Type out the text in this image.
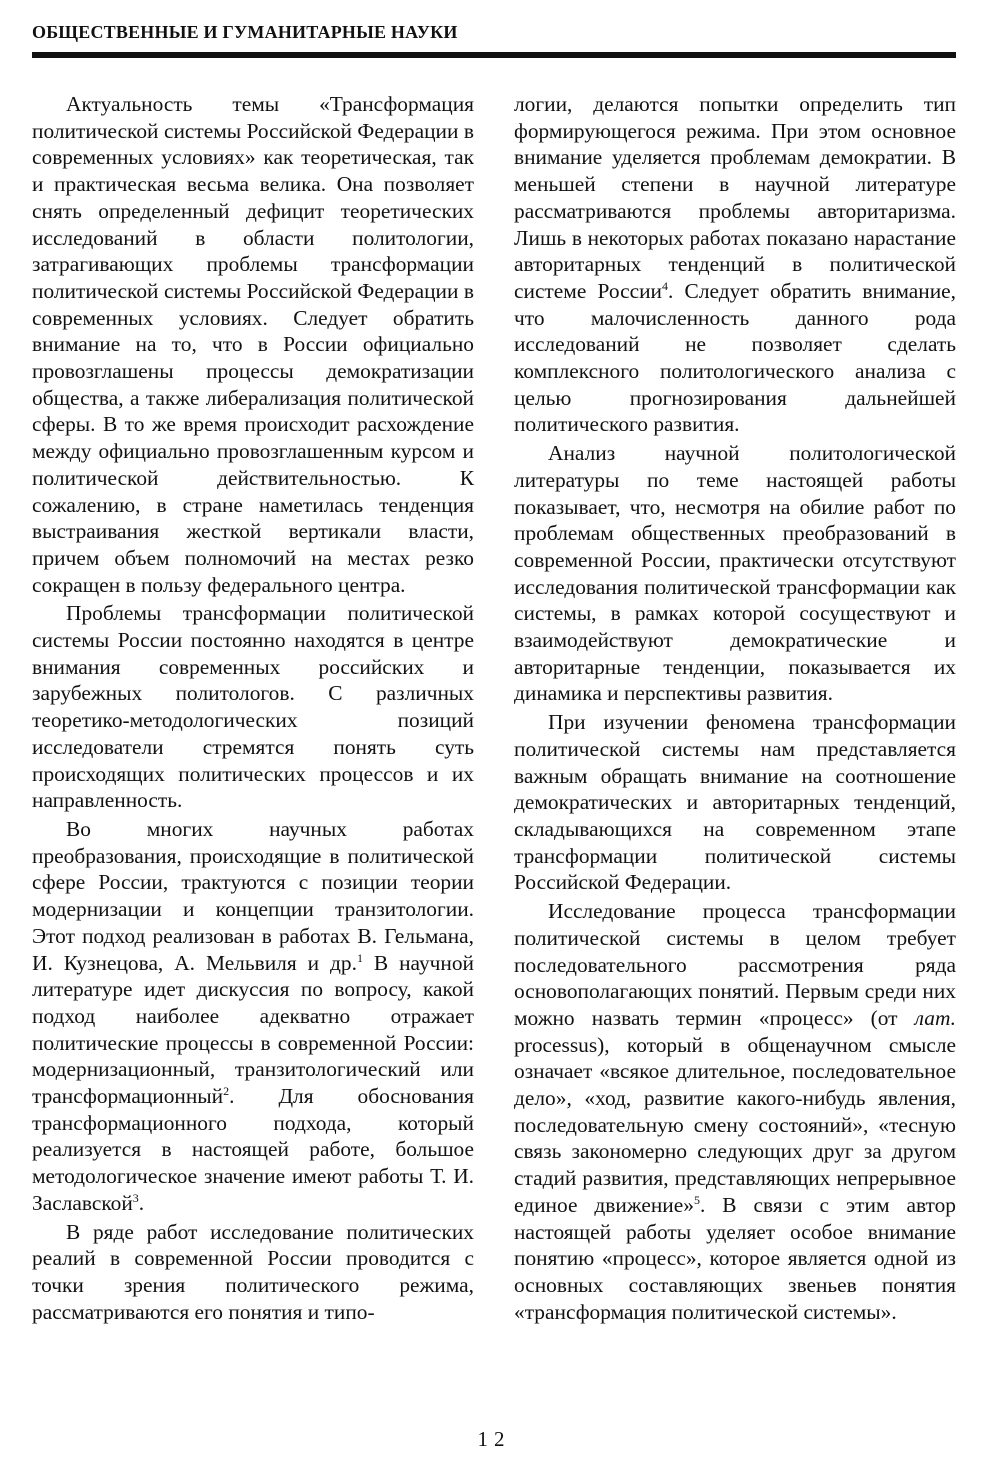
ОБЩЕСТВЕННЫЕ И ГУМАНИТАРНЫЕ НАУКИ

Актуальность темы «Трансформация политической системы Российской Федерации в современных условиях» как теоретическая, так и практическая весьма велика. Она позволяет снять определенный дефицит теоретических исследований в области политологии, затрагивающих проблемы трансформации политической системы Российской Федерации в современных условиях. Следует обратить внимание на то, что в России официально провозглашены процессы демократизации общества, а также либерализация политической сферы. В то же время происходит расхождение между официально провозглашенным курсом и политической действительностью. К сожалению, в стране наметилась тенденция выстраивания жесткой вертикали власти, причем объем полномочий на местах резко сокращен в пользу федерального центра.

Проблемы трансформации политической системы России постоянно находятся в центре внимания современных российских и зарубежных политологов. С различных теоретико-методологических позиций исследователи стремятся понять суть происходящих политических процессов и их направленность.

Во многих научных работах преобразования, происходящие в политической сфере России, трактуются с позиции теории модернизации и концепции транзитологии. Этот подход реализован в работах В. Гельмана, И. Кузнецова, А. Мельвиля и др.$^1$ В научной литературе идет дискуссия по вопросу, какой подход наиболее адекватно отражает политические процессы в современной России: модернизационный, транзитологический или трансформационный$^2$. Для обоснования трансформационного подхода, который реализуется в настоящей работе, большое методологическое значение имеют работы Т. И. Заславской$^3$.

В ряде работ исследование политических реалий в современной России проводится с точки зрения политического режима, рассматриваются его понятия и типо-

логии, делаются попытки определить тип формирующегося режима. При этом основное внимание уделяется проблемам демократии. В меньшей степени в научной литературе рассматриваются проблемы авторитаризма. Лишь в некоторых работах показано нарастание авторитарных тенденций в политической системе России$^4$. Следует обратить внимание, что малочисленность данного рода исследований не позволяет сделать комплексного политологического анализа с целью прогнозирования дальнейшей политического развития.

Анализ научной политологической литературы по теме настоящей работы показывает, что, несмотря на обилие работ по проблемам общественных преобразований в современной России, практически отсутствуют исследования политической трансформации как системы, в рамках которой сосуществуют и взаимодействуют демократические и авторитарные тенденции, показывается их динамика и перспективы развития.

При изучении феномена трансформации политической системы нам представляется важным обращать внимание на соотношение демократических и авторитарных тенденций, складывающихся на современном этапе трансформации политической системы Российской Федерации.

Исследование процесса трансформации политической системы в целом требует последовательного рассмотрения ряда основополагающих понятий. Первым среди них можно назвать термин «процесс» (от лат. processus), который в общенаучном смысле означает «всякое длительное, последовательное дело», «ход, развитие какого-нибудь явления, последовательную смену состояний», «тесную связь закономерно следующих друг за другом стадий развития, представляющих непрерывное единое движение»$^5$. В связи с этим автор настоящей работы уделяет особое внимание понятию «процесс», которое является одной из основных составляющих звеньев понятия «трансформация политической системы».

12
